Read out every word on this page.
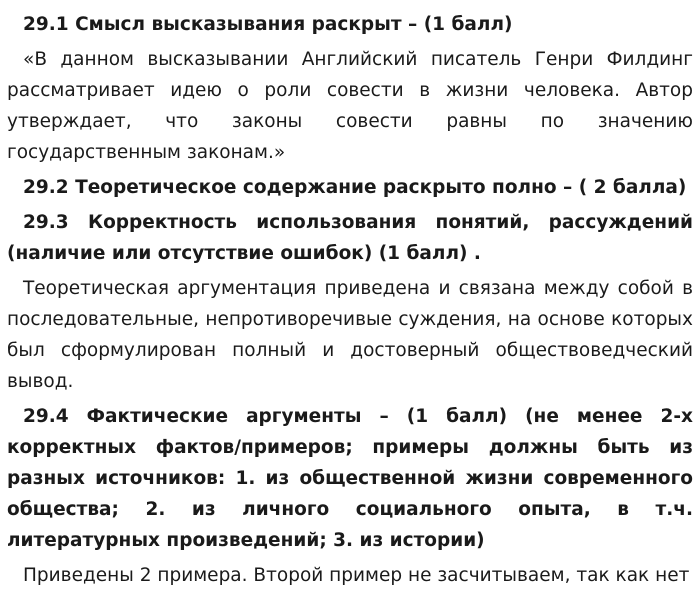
29.1 Смысл высказывания раскрыт – (1 балл)

«В данном высказывании Английский писатель Генри Филдинг рассматривает идею о роли совести в жизни человека. Автор утверждает, что законы совести равны по значению государственным законам.»

29.2 Теоретическое содержание раскрыто полно – ( 2 балла)

29.3 Корректность использования понятий, рассуждений (наличие или отсутствие ошибок) (1 балл) .

Теоретическая аргументация приведена и связана между собой в последовательные, непротиворечивые суждения, на основе которых был сформулирован полный и достоверный обществоведческий вывод.

29.4 Фактические аргументы – (1 балл) (не менее 2-х корректных фактов/примеров; примеры должны быть из разных источников: 1. из общественной жизни современного общества; 2. из личного социального опыта, в т.ч. литературных произведений; 3. из истории)

Приведены 2 примера. Второй пример не засчитываем, так как нет
